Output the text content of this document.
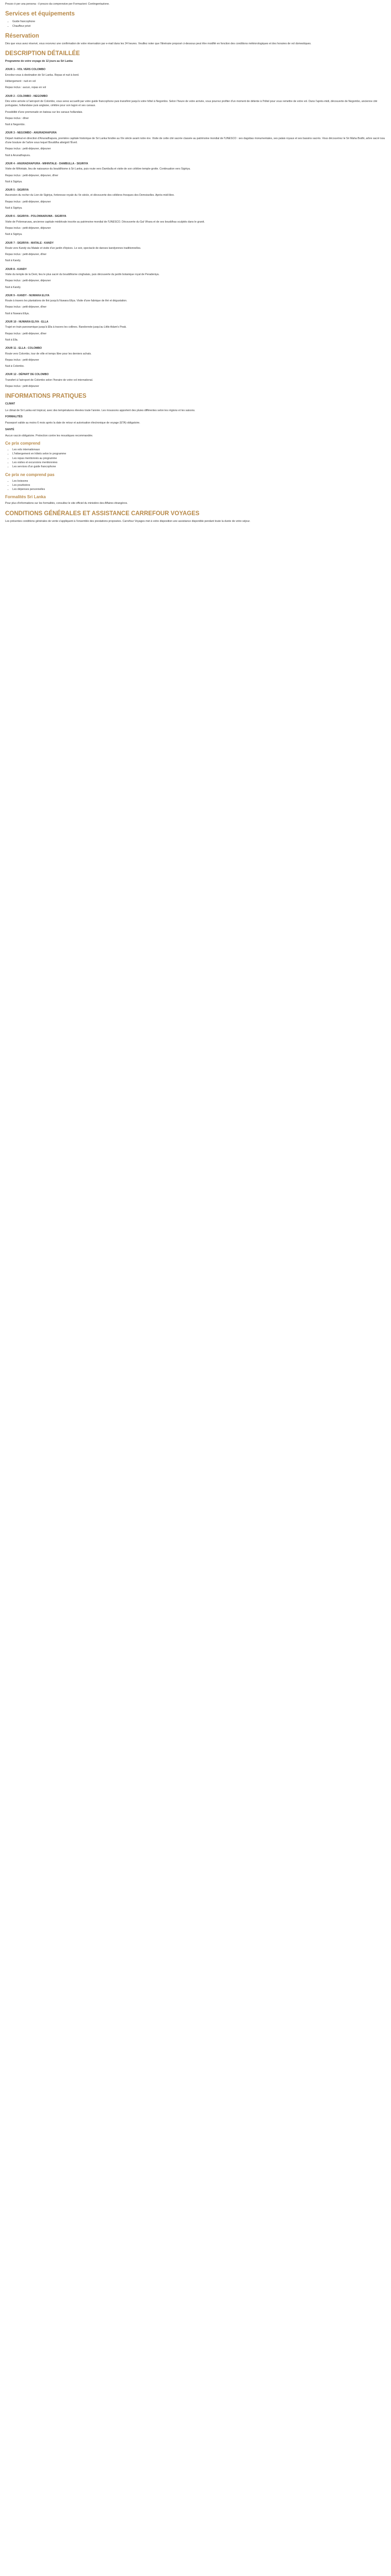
Prezzo è per una persona - il prezzo da comprensive per Formazioni: Contingentazione.

Services et équipements
• Guide francophone
• Chauffeur privé
Réservation

Dès que vous avez réservé, vous recevrez une confirmation de votre réservation par e-mail dans les 24 heures. Veuillez noter que l'itinéraire proposé ci-dessous peut être modifié en fonction des conditions météorologiques et des horaires de vol domestiques.

DESCRIPTION DÉTAILLÉE

Programme de votre voyage de 12 jours au Sri Lanka

JOUR 1 - VOL VERS COLOMBO

Envolez-vous à destination de Sri Lanka. Repas et nuit à bord.

Hébergement : nuit en vol

Repas inclus : aucun, repas en vol

JOUR 2 - COLOMBO - NEGOMBO

Dès votre arrivée à l'aéroport de Colombo, vous serez accueilli par votre guide francophone puis transféré jusqu'à votre hôtel à Negombo. Selon l'heure de votre arrivée, vous pourrez profiter d'un moment de détente à l'hôtel pour vous remettre de votre vol. Dans l'après-midi, découverte de Negombo, ancienne cité portugaise, hollandaise puis anglaise, célèbre pour son lagon et ses canaux.

Possibilité d'une promenade en bateau sur les canaux hollandais.

Repas inclus : dîner

Nuit à Negombo.

JOUR 3 - NEGOMBO - ANURADHAPURA

Départ matinal en direction d'Anuradhapura, première capitale historique de Sri Lanka fondée au IVe siècle avant notre ère. Visite de cette cité sacrée classée au patrimoine mondial de l'UNESCO : ses dagobas monumentales, ses palais royaux et ses bassins sacrés. Vous découvrirez le Sri Maha Bodhi, arbre sacré issu d'une bouture de l'arbre sous lequel Bouddha atteignit l'Éveil.

Repas inclus : petit-déjeuner, déjeuner

Nuit à Anuradhapura.

JOUR 4 - ANURADHAPURA - MIHINTALE - DAMBULLA - SIGIRIYA

Visite de Mihintale, lieu de naissance du bouddhisme à Sri Lanka, puis route vers Dambulla et visite de son célèbre temple-grotte. Continuation vers Sigiriya.

Repas inclus : petit-déjeuner, déjeuner, dîner

Nuit à Sigiriya.

JOUR 5 - SIGIRIYA

Ascension du rocher du Lion de Sigiriya, forteresse royale du Ve siècle, et découverte des célèbres fresques des Demoiselles. Après-midi libre.

Repas inclus : petit-déjeuner, déjeuner

Nuit à Sigiriya.

JOUR 6 - SIGIRIYA - POLONNARUWA - SIGIRIYA

Visite de Polonnaruwa, ancienne capitale médiévale inscrite au patrimoine mondial de l'UNESCO. Découverte du Gal Vihara et de ses bouddhas sculptés dans le granit.

Repas inclus : petit-déjeuner, déjeuner

Nuit à Sigiriya.

JOUR 7 - SIGIRIYA - MATALE - KANDY

Route vers Kandy via Matale et visite d'un jardin d'épices. Le soir, spectacle de danses kandyennes traditionnelles.

Repas inclus : petit-déjeuner, dîner

Nuit à Kandy.

JOUR 8 - KANDY

Visite du temple de la Dent, lieu le plus sacré du bouddhisme cinghalais, puis découverte du jardin botanique royal de Peradeniya.

Repas inclus : petit-déjeuner, déjeuner

Nuit à Kandy.

JOUR 9 - KANDY - NUWARA ELIYA

Route à travers les plantations de thé jusqu'à Nuwara Eliya. Visite d'une fabrique de thé et dégustation.

Repas inclus : petit-déjeuner, dîner

Nuit à Nuwara Eliya.

JOUR 10 - NUWARA ELIYA - ELLA

Trajet en train panoramique jusqu'à Ella à travers les collines. Randonnée jusqu'au Little Adam's Peak.

Repas inclus : petit-déjeuner, dîner

Nuit à Ella.

JOUR 11 - ELLA - COLOMBO

Route vers Colombo, tour de ville et temps libre pour les derniers achats.

Repas inclus : petit-déjeuner

Nuit à Colombo.

JOUR 12 - DÉPART DE COLOMBO

Transfert à l'aéroport de Colombo selon l'horaire de votre vol international.

Repas inclus : petit-déjeuner

INFORMATIONS PRATIQUES

CLIMAT

Le climat de Sri Lanka est tropical, avec des températures élevées toute l'année. Les moussons apportent des pluies différentes selon les régions et les saisons.

FORMALITÉS

Passeport valide au moins 6 mois après la date de retour et autorisation électronique de voyage (ETA) obligatoire.

SANTÉ

Aucun vaccin obligatoire. Protection contre les moustiques recommandée.

Ce prix comprend
• Les vols internationaux
• L'hébergement en hôtels selon le programme
• Les repas mentionnés au programme
• Les visites et excursions mentionnées
• Les services d'un guide francophone
Ce prix ne comprend pas
• Les boissons
• Les pourboires
• Les dépenses personnelles
Formalités Sri Lanka

Pour plus d'informations sur les formalités, consultez le site officiel du ministère des Affaires étrangères.

CONDITIONS GÉNÉRALES ET ASSISTANCE CARREFOUR VOYAGES

Les présentes conditions générales de vente s'appliquent à l'ensemble des prestations proposées. Carrefour Voyages met à votre disposition une assistance disponible pendant toute la durée de votre séjour.
